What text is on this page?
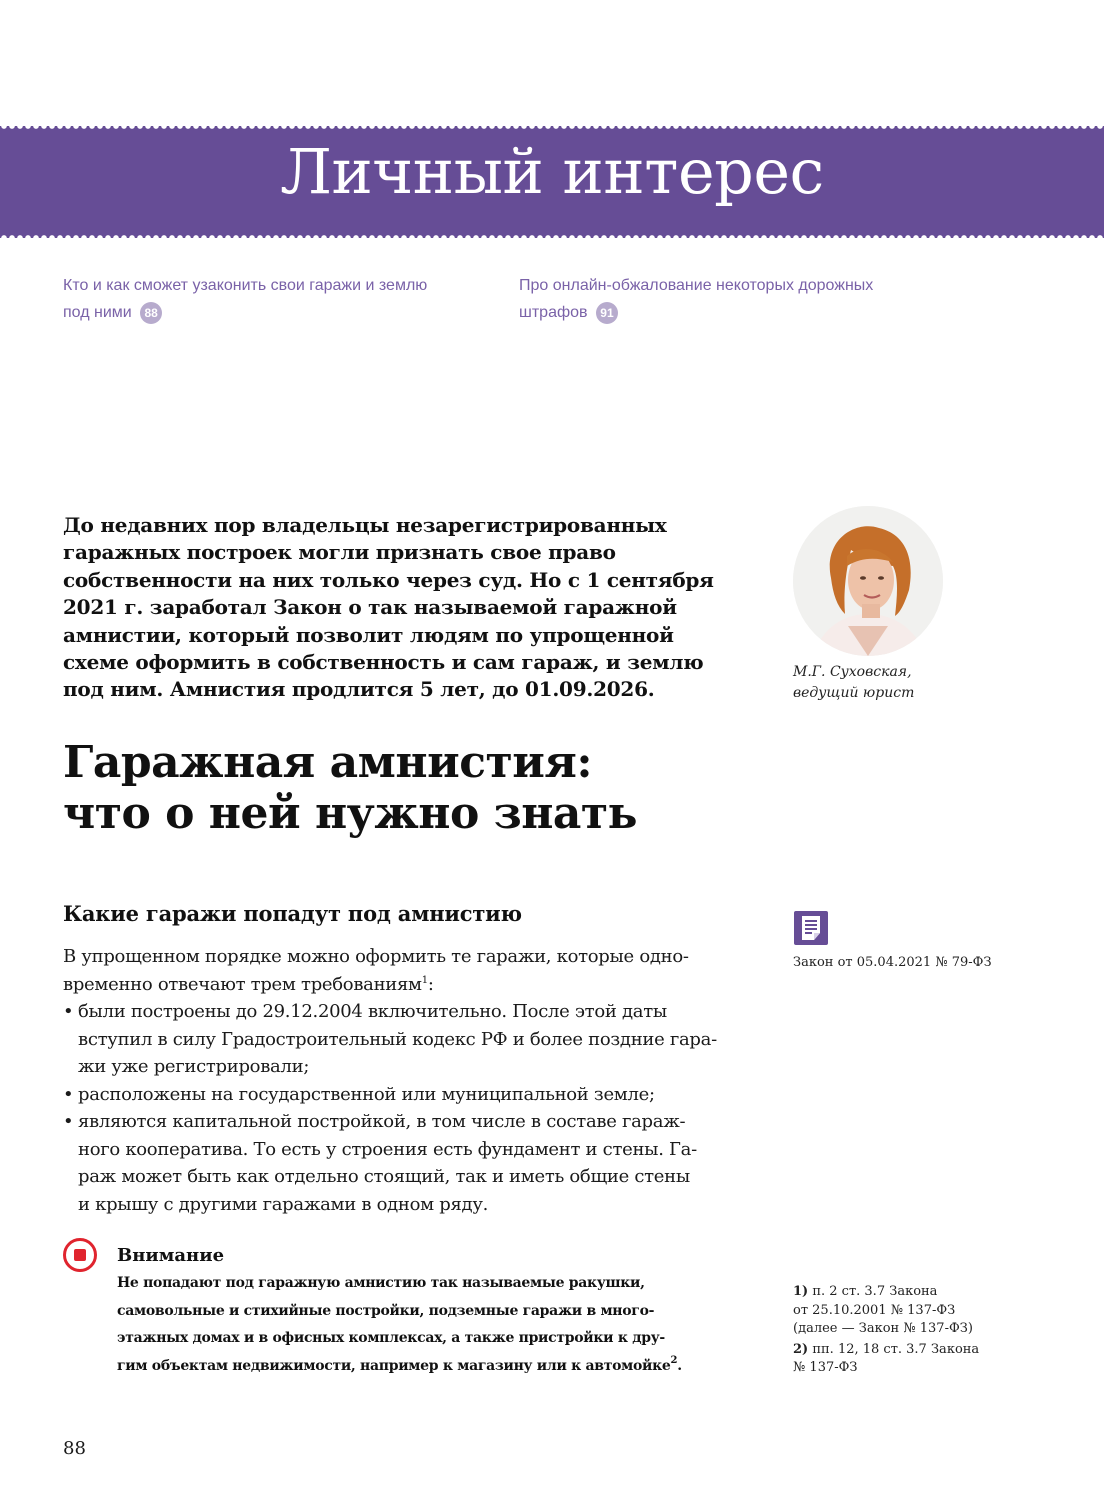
Личный интерес
Кто и как сможет узаконить свои гаражи и землю
под ними 88
Про онлайн-обжалование некоторых дорожных
штрафов 91

До недавних пор владельцы незарегистрированных
гаражных построек могли признать свое право
собственности на них только через суд. Но с 1 сентября
2021 г. заработал Закон о так называемой гаражной
амнистии, который позволит людям по упрощенной
схеме оформить в собственность и сам гараж, и землю
под ним. Амнистия продлится 5 лет, до 01.09.2026.

М.Г. Суховская,
ведущий юрист
Гаражная амнистия:
что о ней нужно знать
Какие гаражи попадут под амнистию
Закон от 05.04.2021 № 79-ФЗ

В упрощенном порядке можно оформить те гаражи, которые одно-
временно отвечают трем требованиям$^1$:

• были построены до 29.12.2004 включительно. После этой даты
вступил в силу Градостроительный кодекс РФ и более поздние гара-
жи уже регистрировали;

• расположены на государственной или муниципальной земле;

• являются капитальной постройкой, в том числе в составе гараж-
ного кооператива. То есть у строения есть фундамент и стены. Га-
раж может быть как отдельно стоящий, так и иметь общие стены
и крышу с другими гаражами в одном ряду.

Внимание

Не попадают под гаражную амнистию так называемые ракушки,
самовольные и стихийные постройки, подземные гаражи в много-
этажных домах и в офисных комплексах, а также пристройки к дру-
гим объектам недвижимости, например к магазину или к автомойке$^2$.

1) п. 2 ст. 3.7 Закона
от 25.10.2001 № 137-ФЗ
(далее — Закон № 137-ФЗ)
2) пп. 12, 18 ст. 3.7 Закона
№ 137-ФЗ
88
